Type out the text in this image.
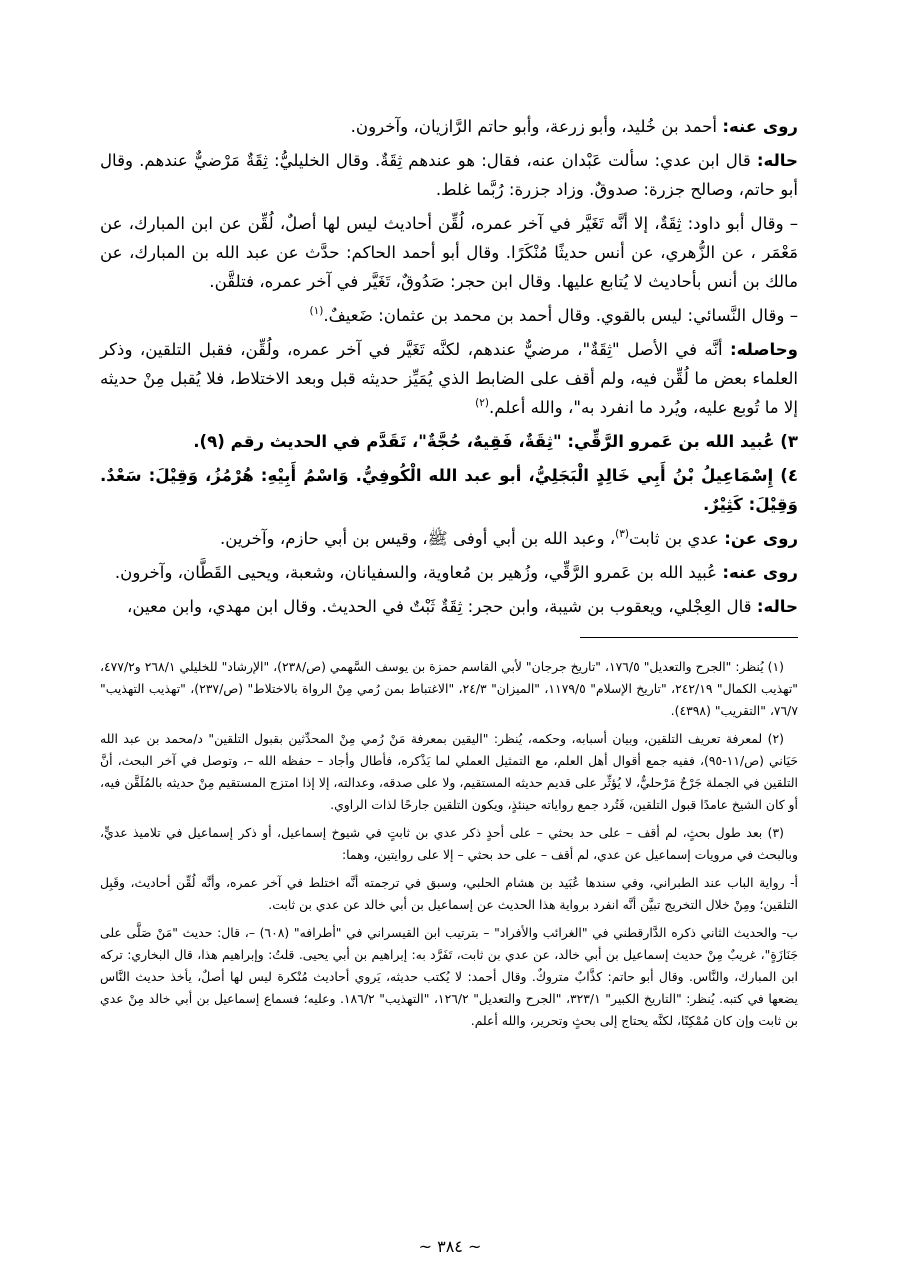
روى عنه: أحمد بن خُليد، وأبو زرعة، وأبو حاتم الرَّازيان، وآخرون.

حاله: قال ابن عدي: سألت عَبْدان عنه، فقال: هو عندهم ثِقَةٌ. وقال الخليليُّ: ثِقَةٌ مَرْضيٌّ عندهم. وقال أبو حاتم، وصالح جزرة: صدوقٌ. وزاد جزرة: رُبَّما غلط.

– وقال أبو داود: ثِقَةٌ، إلا أنَّه تَغَيَّر في آخر عمره، لُقِّن أحاديث ليس لها أصلٌ، لُقِّن عن ابن المبارك، عن مَعْمَر ، عن الزُّهري، عن أنس حديثًا مُنْكَرًا. وقال أبو أحمد الحاكم: حدَّث عن عبد الله بن المبارك، عن مالك بن أنس بأحاديث لا يُتابع عليها. وقال ابن حجر: صَدُوقٌ، تَغَيَّر في آخر عمره، فتلقَّن.

– وقال النَّسائي: ليس بالقوي. وقال أحمد بن محمد بن عثمان: ضَعيفٌ.$^{(١)}$

وحاصله: أنَّه في الأصل "ثِقَةٌ"، مرضيٌّ عندهم، لكنَّه تَغَيَّر في آخر عمره، ولُقِّن، فقبل التلقين، وذكر العلماء بعض ما لُقِّن فيه، ولم أقف على الضابط الذي يُمَيِّز حديثه قبل وبعد الاختلاط، فلا يُقبل مِنْ حديثه إلا ما تُوبع عليه، ويُرد ما انفرد به"، والله أعلم.$^{(٢)}$

٣) عُبيد الله بن عَمرو الرَّقِّي: "ثِقَةٌ، فَقِيهٌ، حُجَّةٌ"، تَقَدَّم في الحديث رقم (٩).

٤) إِسْمَاعِيلُ بْنُ أَبِي خَالِدٍ الْبَجَلِيُّ، أبو عبد الله الْكُوفِيُّ. وَاسْمُ أَبِيْهِ: هُرْمُزُ، وَقِيْلَ: سَعْدٌ. وَقِيْلَ: كَثِيْرٌ.

روى عن: عدي بن ثابت$^{(٣)}$، وعبد الله بن أبي أوفى ﷺ، وقيس بن أبي حازم، وآخرين.

روى عنه: عُبيد الله بن عَمرو الرَّقِّي، وزُهير بن مُعاوية، والسفيانان، وشعبة، ويحيى القَطَّان، وآخرون.

حاله: قال العِجْلي، ويعقوب بن شيبة، وابن حجر: ثِقَةٌ ثَبْتٌ في الحديث. وقال ابن مهدي، وابن معين،

(١) يُنظر: "الجرح والتعديل" ١٧٦/٥، "تاريخ جرجان" لأبي القاسم حمزة بن يوسف السَّهمي (ص/٢٣٨)، "الإرشاد" للخليلي ٢٦٨/١ و٤٧٧/٢، "تهذيب الكمال" ٢٤٢/١٩، "تاريخ الإسلام" ١١٧٩/٥، "الميزان" ٢٤/٣، "الاغتباط بمن رُمي مِنْ الرواة بالاختلاط" (ص/٢٣٧)، "تهذيب التهذيب" ٧٦/٧، "التقريب" (٤٣٩٨).

(٢) لمعرفة تعريف التلقين، وبيان أسبابه، وحكمه، يُنظر: "اليقين بمعرفة مَنْ رُمي مِنْ المحدِّثين بقبول التلقين" د/محمد بن عبد الله حَيَاني (ص/١١-٩٥)، ففيه جمع أقوال أهل العلم، مع التمثيل العملي لما يَذْكره، فأطال وأجاد – حفظه الله –، وتوصل في آخر البحث، أنَّ التلقين في الجملة جَرْحٌ مَرْحليٌّ، لا يُؤثِّر على قديم حديثه المستقيم، ولا على صدقه، وعدالته، إلا إذا امتزج المستقيم مِنْ حديثه بالمُلَقَّن فيه، أو كان الشيخ عامدًا قبول التلقين، فَتُرد جمع رواياته حينئذٍ، ويكون التلقين جارحًا لذات الراوي.

(٣) بعد طول بحثٍ، لم أقف – على حد بحثي – على أحدٍ ذكر عدي بن ثابتٍ في شيوخ إسماعيل، أو ذكر إسماعيل في تلاميذ عديٍّ، وبالبحث في مرويات إسماعيل عن عدي، لم أقف – على حد بحثي – إلا على روايتين، وهما:

أ- رواية الباب عند الطبراني، وفي سندها عُبَيد بن هشام الحلبي، وسبق في ترجمته أنَّه اختلط في آخر عمره، وأنَّه لُقِّن أحاديث، وقَبِل التلقين؛ ومِنْ خلال التخريج تبيَّن أنَّه انفرد برواية هذا الحديث عن إسماعيل بن أبي خالد عن عدي بن ثابت.

ب- والحديث الثاني ذكره الدَّارقطني في "الغرائب والأفراد" – بترتيب ابن القيسراني في "أطرافه" (٦٠٨) –، قال: حديث "مَنْ صَلَّى على جَنَازَةٍ"، غريبٌ مِنْ حديث إسماعيل بن أبي خالد، عن عدي بن ثابت، تَفَرَّد به: إبراهيم بن أبي يحيى. قلتُ: وإبراهيم هذا، قال البخاري: تركه ابن المبارك، والنَّاس. وقال أبو حاتم: كذَّابٌ متروكٌ. وقال أحمد: لا يُكتب حديثه، يَروي أحاديث مُنْكرة ليس لها أصلٌ، يأخذ حديث النَّاس يضعها في كتبه. يُنظر: "التاريخ الكبير" ٣٢٣/١، "الجرح والتعديل" ١٢٦/٢، "التهذيب" ١٨٦/٢. وعليه؛ فسماع إسماعيل بن أبي خالد مِنْ عدي بن ثابت وإن كان مُمْكِنًا، لكنَّه يحتاج إلى بحثٍ وتحرير، والله أعلم.

~ ٣٨٤ ~
